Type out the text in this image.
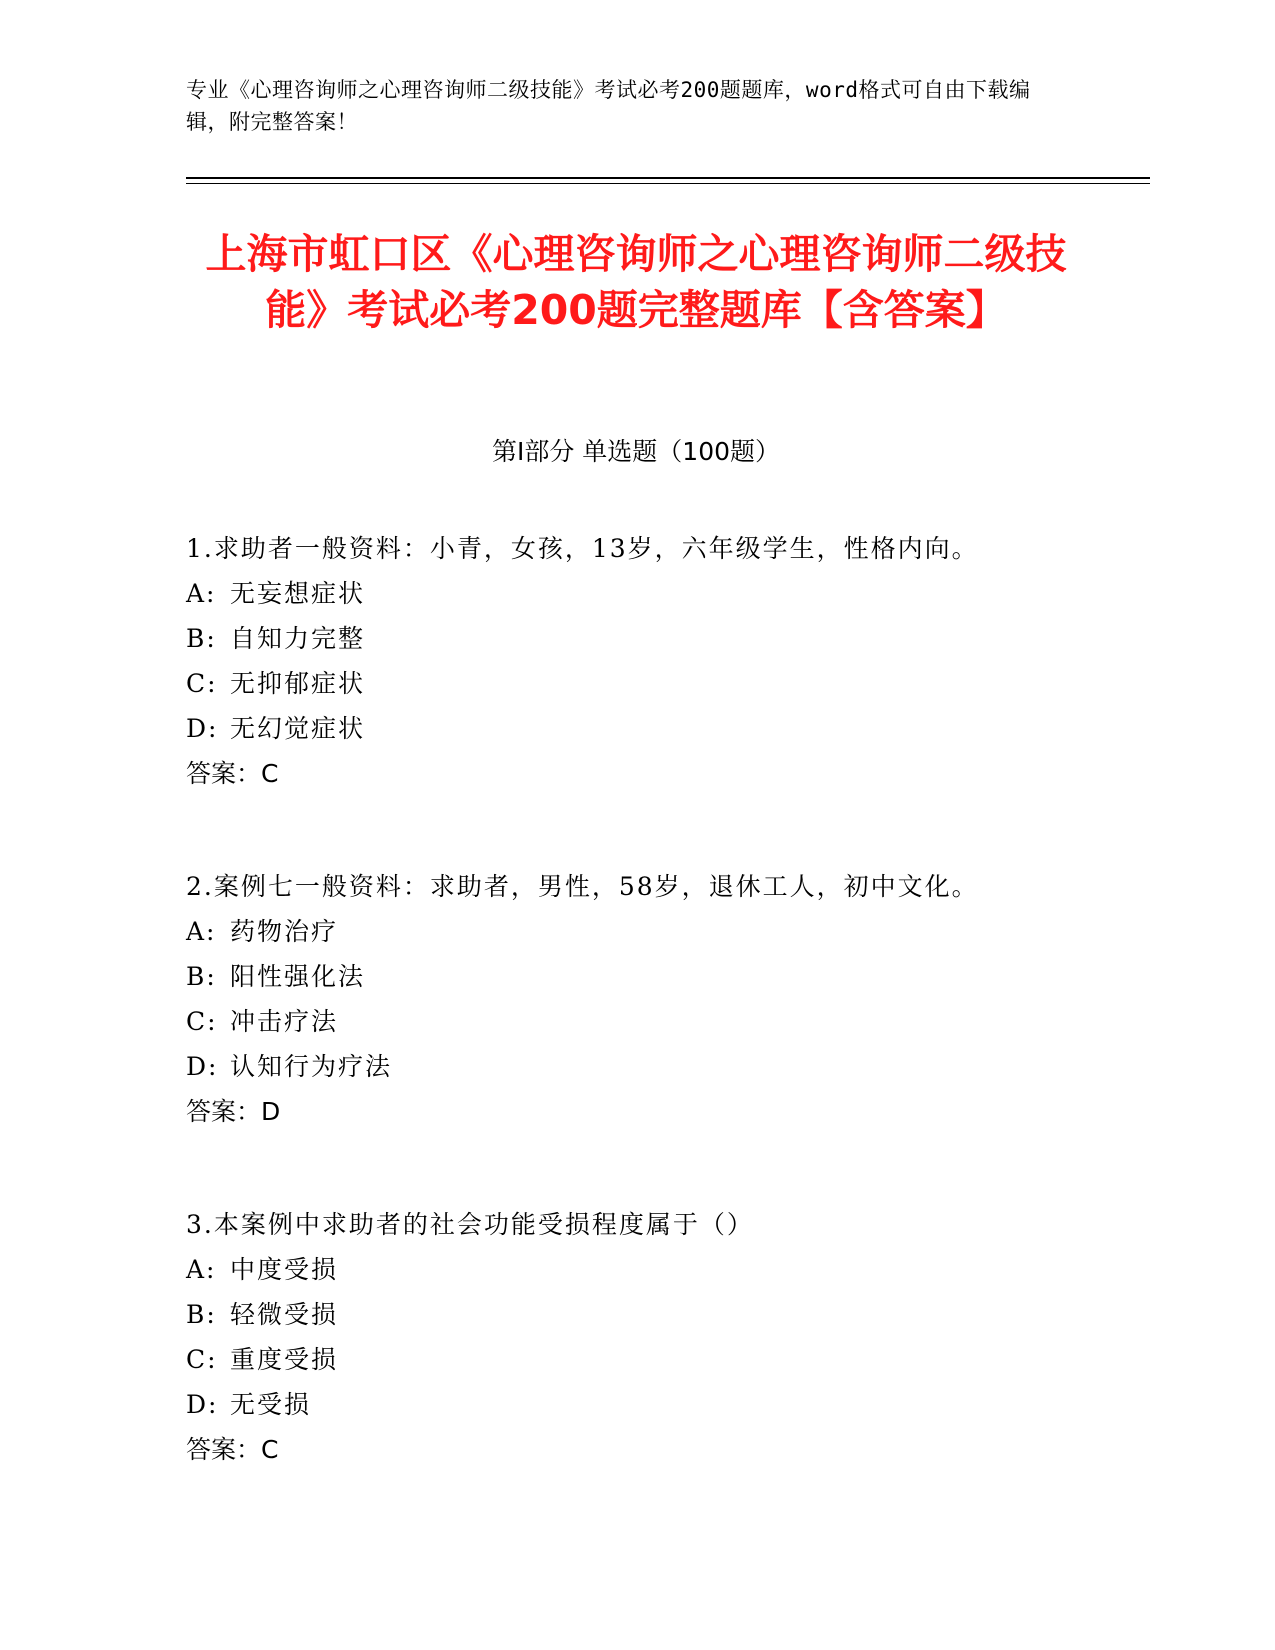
专业《心理咨询师之心理咨询师二级技能》考试必考200题题库，word格式可自由下载编辑，附完整答案！
上海市虹口区《心理咨询师之心理咨询师二级技能》考试必考200题完整题库【含答案】
第Ⅰ部分 单选题（100题）
1.求助者一般资料：小青，女孩，13岁，六年级学生，性格内向。
A: 无妄想症状
B: 自知力完整
C: 无抑郁症状
D: 无幻觉症状
答案：C
2.案例七一般资料：求助者，男性，58岁，退休工人，初中文化。
A: 药物治疗
B: 阳性强化法
C: 冲击疗法
D: 认知行为疗法
答案：D
3.本案例中求助者的社会功能受损程度属于（）
A: 中度受损
B: 轻微受损
C: 重度受损
D: 无受损
答案：C
